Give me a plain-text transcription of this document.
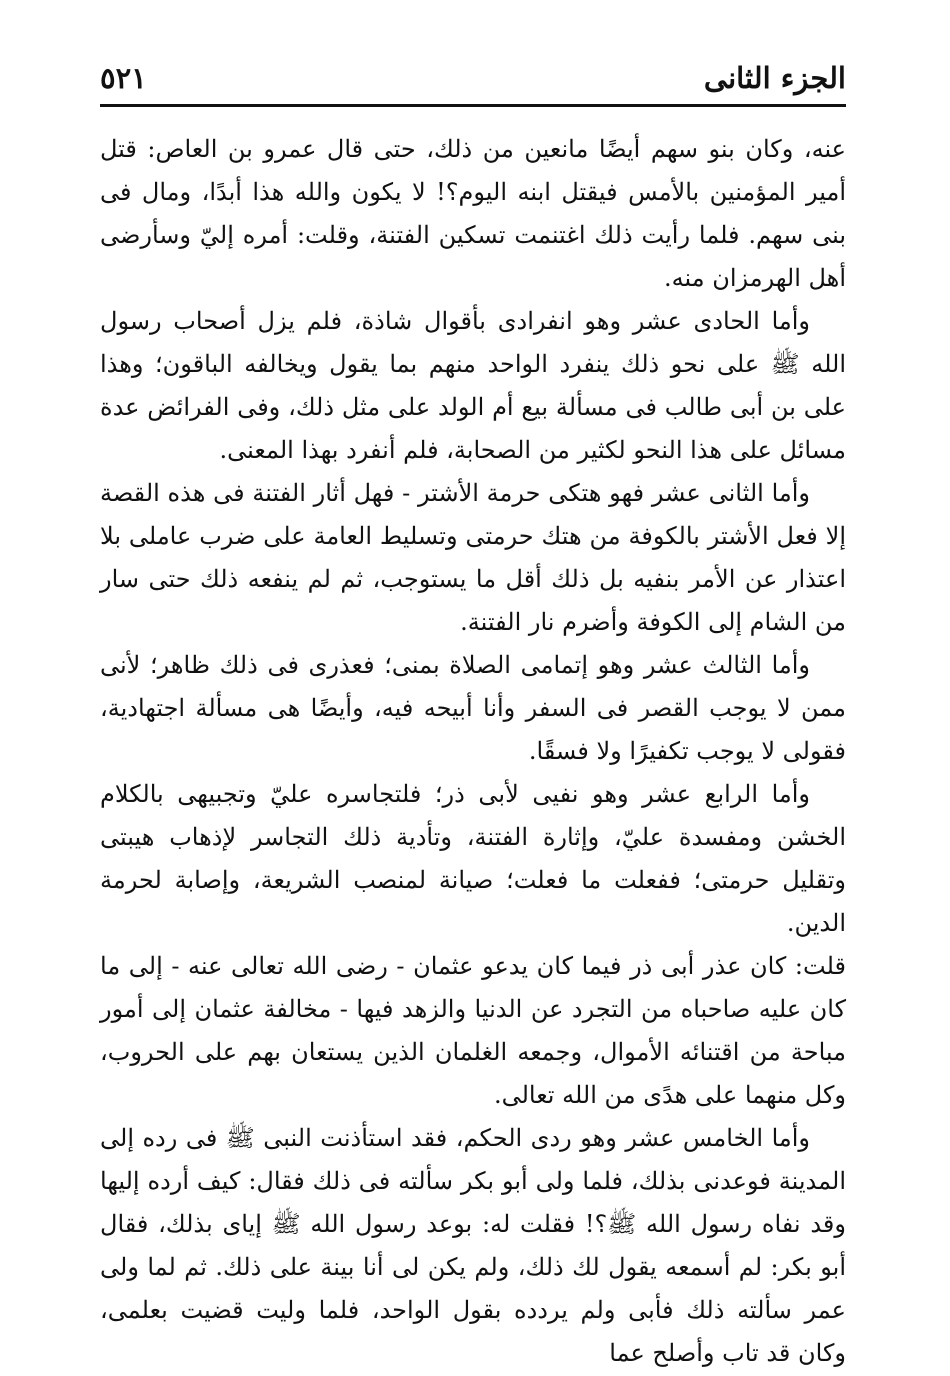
الجزء الثانى
٥٢١

عنه، وكان بنو سهم أيضًا مانعين من ذلك، حتى قال عمرو بن العاص: قتل أمير المؤمنين بالأمس فيقتل ابنه اليوم؟! لا يكون والله هذا أبدًا، ومال فى بنى سهم. فلما رأيت ذلك اغتنمت تسكين الفتنة، وقلت: أمره إليّ وسأرضى أهل الهرمزان منه.

وأما الحادى عشر وهو انفرادى بأقوال شاذة، فلم يزل أصحاب رسول الله ﷺ على نحو ذلك ينفرد الواحد منهم بما يقول ويخالفه الباقون؛ وهذا على بن أبى طالب فى مسألة بيع أم الولد على مثل ذلك، وفى الفرائض عدة مسائل على هذا النحو لكثير من الصحابة، فلم أنفرد بهذا المعنى.

وأما الثانى عشر فهو هتكى حرمة الأشتر - فهل أثار الفتنة فى هذه القصة إلا فعل الأشتر بالكوفة من هتك حرمتى وتسليط العامة على ضرب عاملى بلا اعتذار عن الأمر بنفيه بل ذلك أقل ما يستوجب، ثم لم ينفعه ذلك حتى سار من الشام إلى الكوفة وأضرم نار الفتنة.

وأما الثالث عشر وهو إتمامى الصلاة بمنى؛ فعذرى فى ذلك ظاهر؛ لأنى ممن لا يوجب القصر فى السفر وأنا أبيحه فيه، وأيضًا هى مسألة اجتهادية، فقولى لا يوجب تكفيرًا ولا فسقًا.

وأما الرابع عشر وهو نفيى لأبى ذر؛ فلتجاسره عليّ وتجبيهى بالكلام الخشن ومفسدة عليّ، وإثارة الفتنة، وتأدية ذلك التجاسر لإذهاب هيبتى وتقليل حرمتى؛ ففعلت ما فعلت؛ صيانة لمنصب الشريعة، وإصابة لحرمة الدين.

قلت: كان عذر أبى ذر فيما كان يدعو عثمان - رضى الله تعالى عنه - إلى ما كان عليه صاحباه من التجرد عن الدنيا والزهد فيها - مخالفة عثمان إلى أمور مباحة من اقتنائه الأموال، وجمعه الغلمان الذين يستعان بهم على الحروب، وكل منهما على هدًى من الله تعالى.

وأما الخامس عشر وهو ردى الحكم، فقد استأذنت النبى ﷺ فى رده إلى المدينة فوعدنى بذلك، فلما ولى أبو بكر سألته فى ذلك فقال: كيف أرده إليها وقد نفاه رسول الله ﷺ؟! فقلت له: بوعد رسول الله ﷺ إياى بذلك، فقال أبو بكر: لم أسمعه يقول لك ذلك، ولم يكن لى أنا بينة على ذلك. ثم لما ولى عمر سألته ذلك فأبى ولم يردده بقول الواحد، فلما وليت قضيت بعلمى، وكان قد تاب وأصلح عما
